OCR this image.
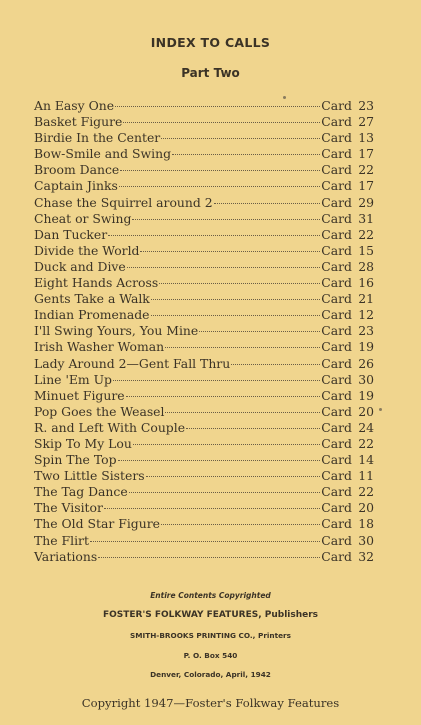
INDEX TO CALLS
Part Two
An Easy One	Card 23
Basket Figure	Card 27
Birdie In the Center	Card 13
Bow-Smile and Swing	Card 17
Broom Dance	Card 22
Captain Jinks	Card 17
Chase the Squirrel around 2	Card 29
Cheat or Swing	Card 31
Dan Tucker	Card 22
Divide the World	Card 15
Duck and Dive	Card 28
Eight Hands Across	Card 16
Gents Take a Walk	Card 21
Indian Promenade	Card 12
I'll Swing Yours, You Mine	Card 23
Irish Washer Woman	Card 19
Lady Around 2—Gent Fall Thru	Card 26
Line 'Em Up	Card 30
Minuet Figure	Card 19
Pop Goes the Weasel	Card 20
R. and Left With Couple	Card 24
Skip To My Lou	Card 22
Spin The Top	Card 14
Two Little Sisters	Card 11
The Tag Dance	Card 22
The Visitor	Card 20
The Old Star Figure	Card 18
The Flirt	Card 30
Variations	Card 32
Entire Contents Copyrighted
FOSTER'S FOLKWAY FEATURES, Publishers
SMITH-BROOKS PRINTING CO., Printers
P. O. Box 540
Denver, Colorado, April, 1942
Copyright 1947—Foster's Folkway Features
